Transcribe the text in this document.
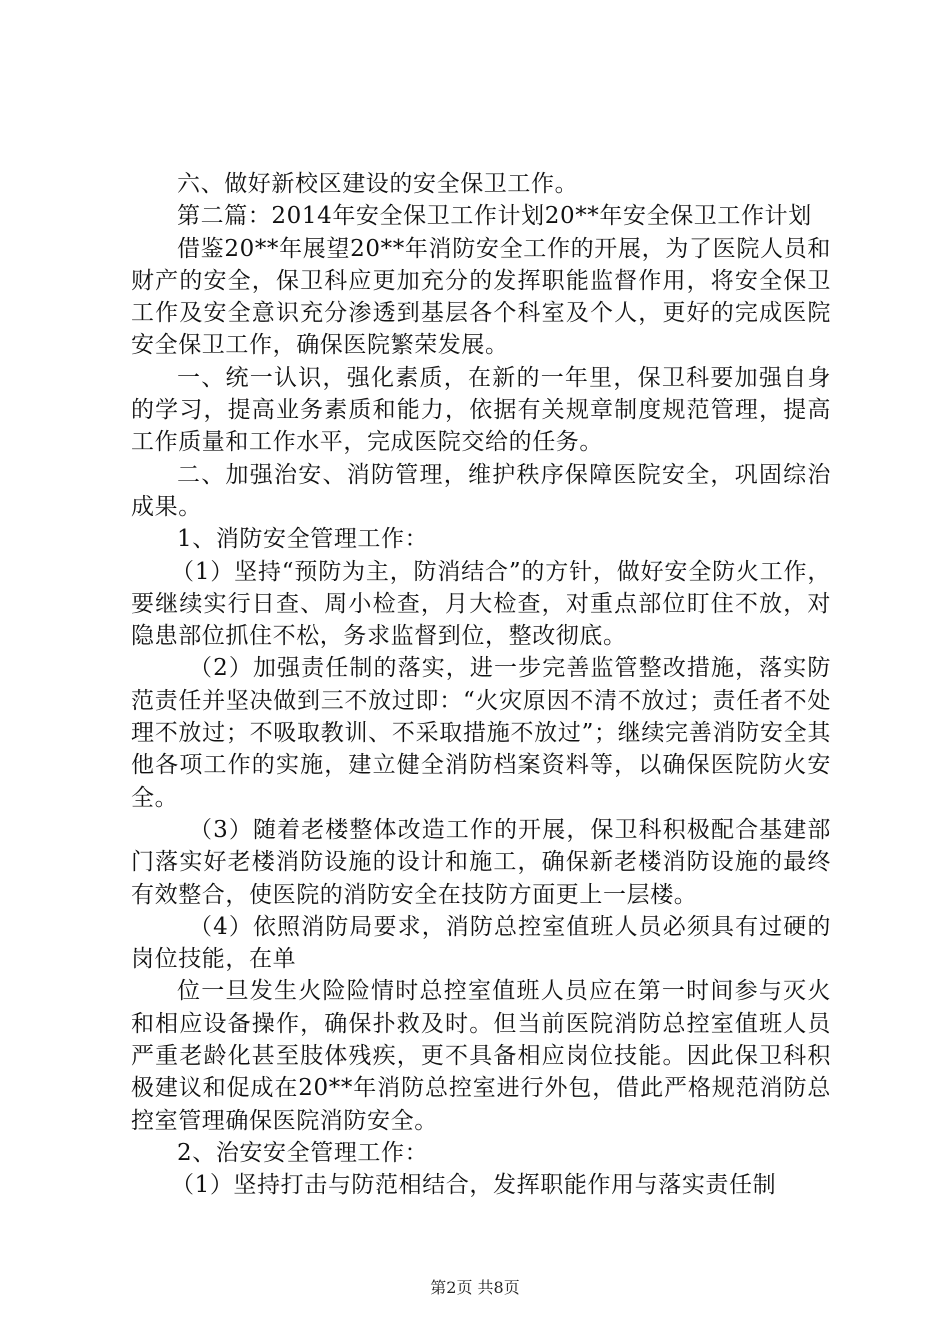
六、做好新校区建设的安全保卫工作。

第二篇：2014年安全保卫工作计划20**年安全保卫工作计划

借鉴20**年展望20**年消防安全工作的开展，为了医院人员和财产的安全，保卫科应更加充分的发挥职能监督作用，将安全保卫工作及安全意识充分渗透到基层各个科室及个人，更好的完成医院安全保卫工作，确保医院繁荣发展。

一、统一认识，强化素质，在新的一年里，保卫科要加强自身的学习，提高业务素质和能力，依据有关规章制度规范管理，提高工作质量和工作水平，完成医院交给的任务。

二、加强治安、消防管理，维护秩序保障医院安全，巩固综治成果。

1、消防安全管理工作：

（1）坚持“预防为主，防消结合”的方针，做好安全防火工作，要继续实行日查、周小检查，月大检查，对重点部位盯住不放，对隐患部位抓住不松，务求监督到位，整改彻底。

（2）加强责任制的落实，进一步完善监管整改措施，落实防范责任并坚决做到三不放过即：“火灾原因不清不放过；责任者不处理不放过；不吸取教训、不采取措施不放过”；继续完善消防安全其他各项工作的实施，建立健全消防档案资料等，以确保医院防火安全。

（3）随着老楼整体改造工作的开展，保卫科积极配合基建部门落实好老楼消防设施的设计和施工，确保新老楼消防设施的最终有效整合，使医院的消防安全在技防方面更上一层楼。

（4）依照消防局要求，消防总控室值班人员必须具有过硬的岗位技能，在单

位一旦发生火险险情时总控室值班人员应在第一时间参与灭火和相应设备操作，确保扑救及时。但当前医院消防总控室值班人员严重老龄化甚至肢体残疾，更不具备相应岗位技能。因此保卫科积极建议和促成在20**年消防总控室进行外包，借此严格规范消防总控室管理确保医院消防安全。

2、治安安全管理工作：

（1）坚持打击与防范相结合，发挥职能作用与落实责任制

第2页 共8页
